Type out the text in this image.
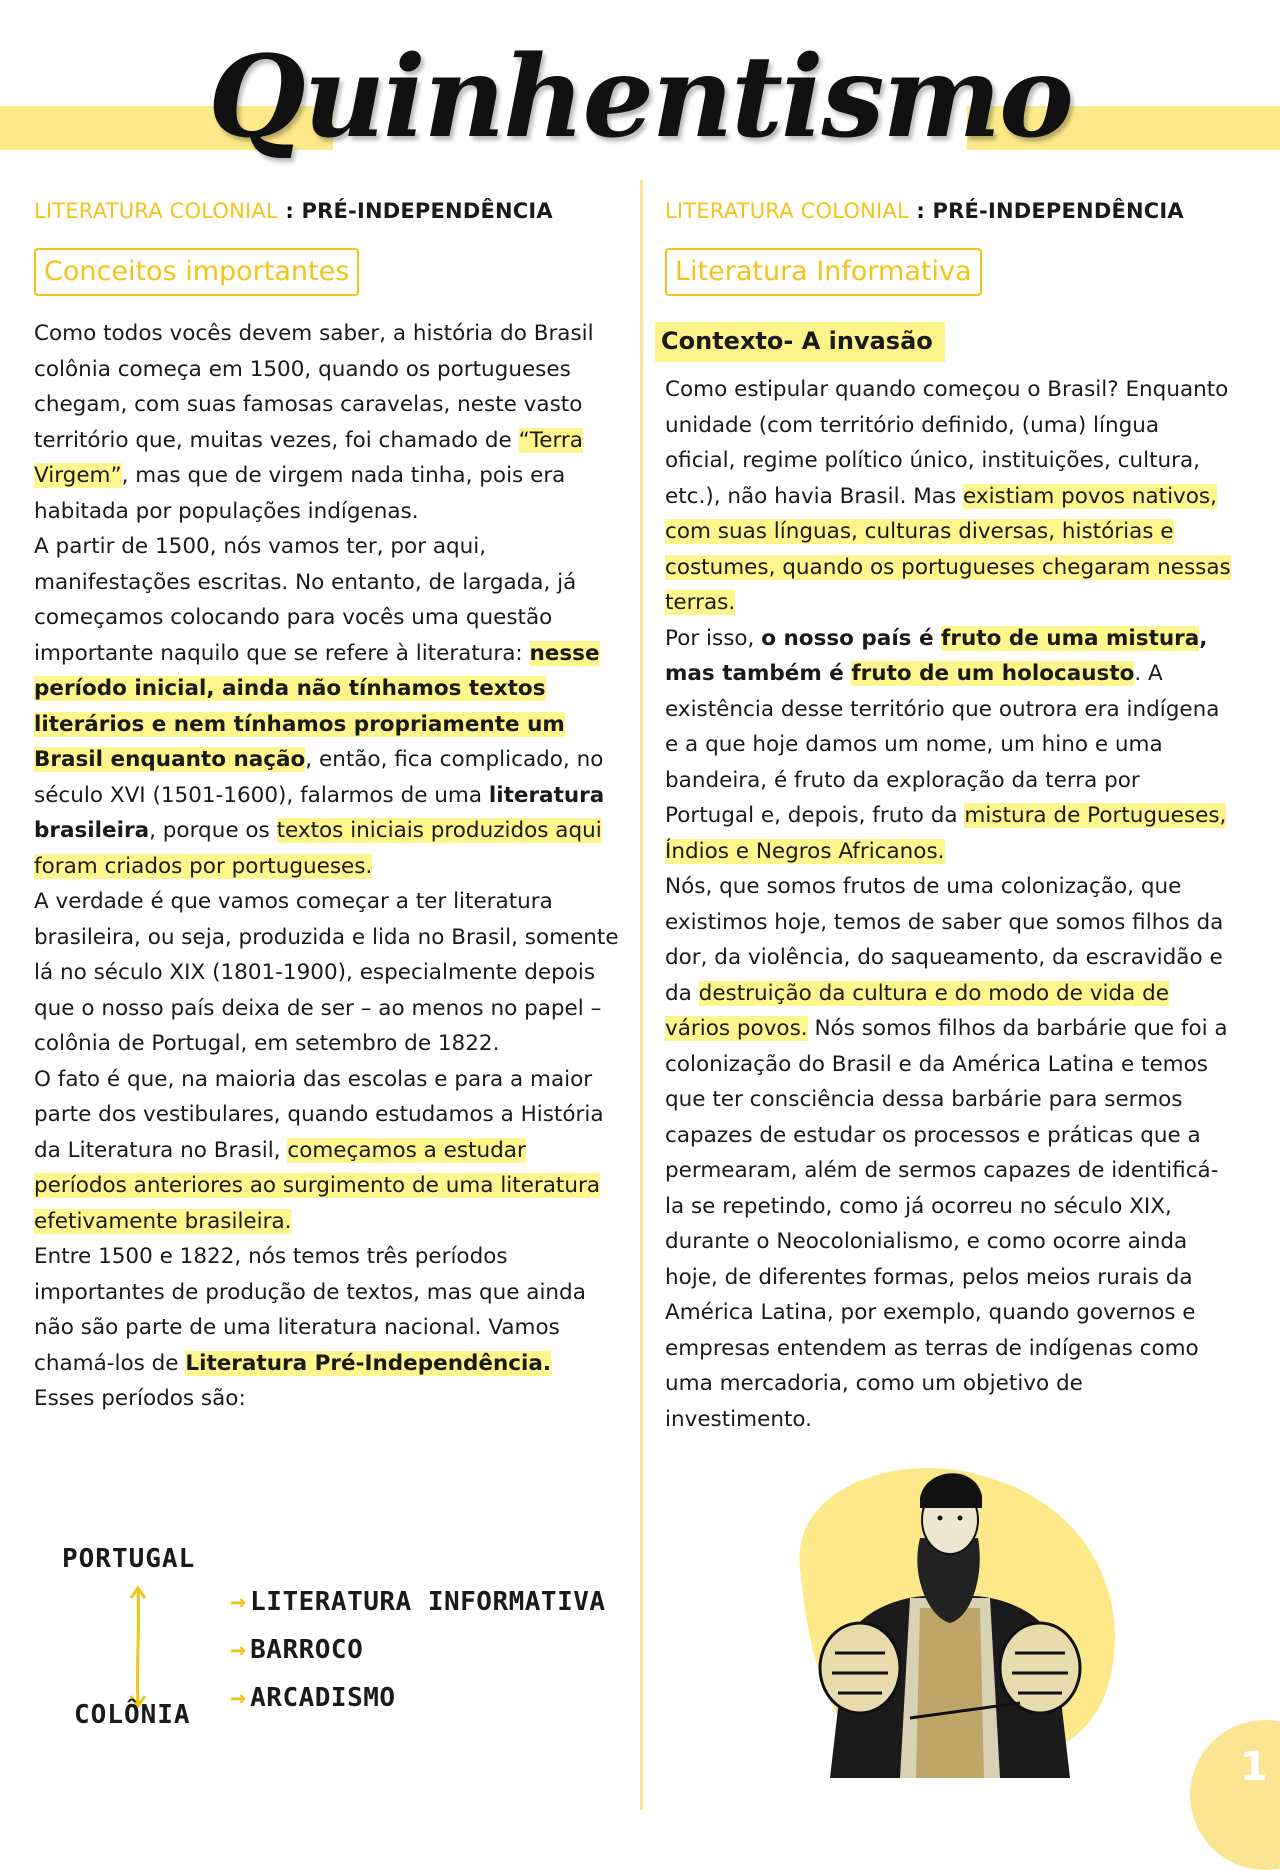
Quinhentismo
LITERATURA COLONIAL : PRÉ-INDEPENDÊNCIA
Conceitos importantes

Como todos vocês devem saber, a história do Brasil colônia começa em 1500, quando os portugueses chegam, com suas famosas caravelas, neste vasto território que, muitas vezes, foi chamado de “Terra Virgem”, mas que de virgem nada tinha, pois era habitada por populações indígenas.

A partir de 1500, nós vamos ter, por aqui, manifestações escritas. No entanto, de largada, já começamos colocando para vocês uma questão importante naquilo que se refere à literatura: nesse período inicial, ainda não tínhamos textos literários e nem tínhamos propriamente um Brasil enquanto nação, então, fica complicado, no século XVI (1501-1600), falarmos de uma literatura brasileira, porque os textos iniciais produzidos aqui foram criados por portugueses.

A verdade é que vamos começar a ter literatura brasileira, ou seja, produzida e lida no Brasil, somente lá no século XIX (1801-1900), especialmente depois que o nosso país deixa de ser – ao menos no papel – colônia de Portugal, em setembro de 1822.

O fato é que, na maioria das escolas e para a maior parte dos vestibulares, quando estudamos a História da Literatura no Brasil, começamos a estudar períodos anteriores ao surgimento de uma literatura efetivamente brasileira.

Entre 1500 e 1822, nós temos três períodos importantes de produção de textos, mas que ainda não são parte de uma literatura nacional. Vamos chamá-los de Literatura Pré-Independência.

Esses períodos são:

PORTUGAL
COLÔNIA
→ LITERATURA INFORMATIVA
→ BARROCO
→ ARCADISMO
LITERATURA COLONIAL : PRÉ-INDEPENDÊNCIA
Literatura Informativa
Contexto- A invasão

Como estipular quando começou o Brasil? Enquanto unidade (com território definido, (uma) língua oficial, regime político único, instituições, cultura, etc.), não havia Brasil. Mas existiam povos nativos, com suas línguas, culturas diversas, histórias e costumes, quando os portugueses chegaram nessas terras.

Por isso, o nosso país é fruto de uma mistura, mas também é fruto de um holocausto. A existência desse território que outrora era indígena e a que hoje damos um nome, um hino e uma bandeira, é fruto da exploração da terra por Portugal e, depois, fruto da mistura de Portugueses, Índios e Negros Africanos.

Nós, que somos frutos de uma colonização, que existimos hoje, temos de saber que somos filhos da dor, da violência, do saqueamento, da escravidão e da destruição da cultura e do modo de vida de vários povos. Nós somos filhos da barbárie que foi a colonização do Brasil e da América Latina e temos que ter consciência dessa barbárie para sermos capazes de estudar os processos e práticas que a permearam, além de sermos capazes de identificá-la se repetindo, como já ocorreu no século XIX, durante o Neocolonialismo, e como ocorre ainda hoje, de diferentes formas, pelos meios rurais da América Latina, por exemplo, quando governos e empresas entendem as terras de indígenas como uma mercadoria, como um objetivo de investimento.

1
